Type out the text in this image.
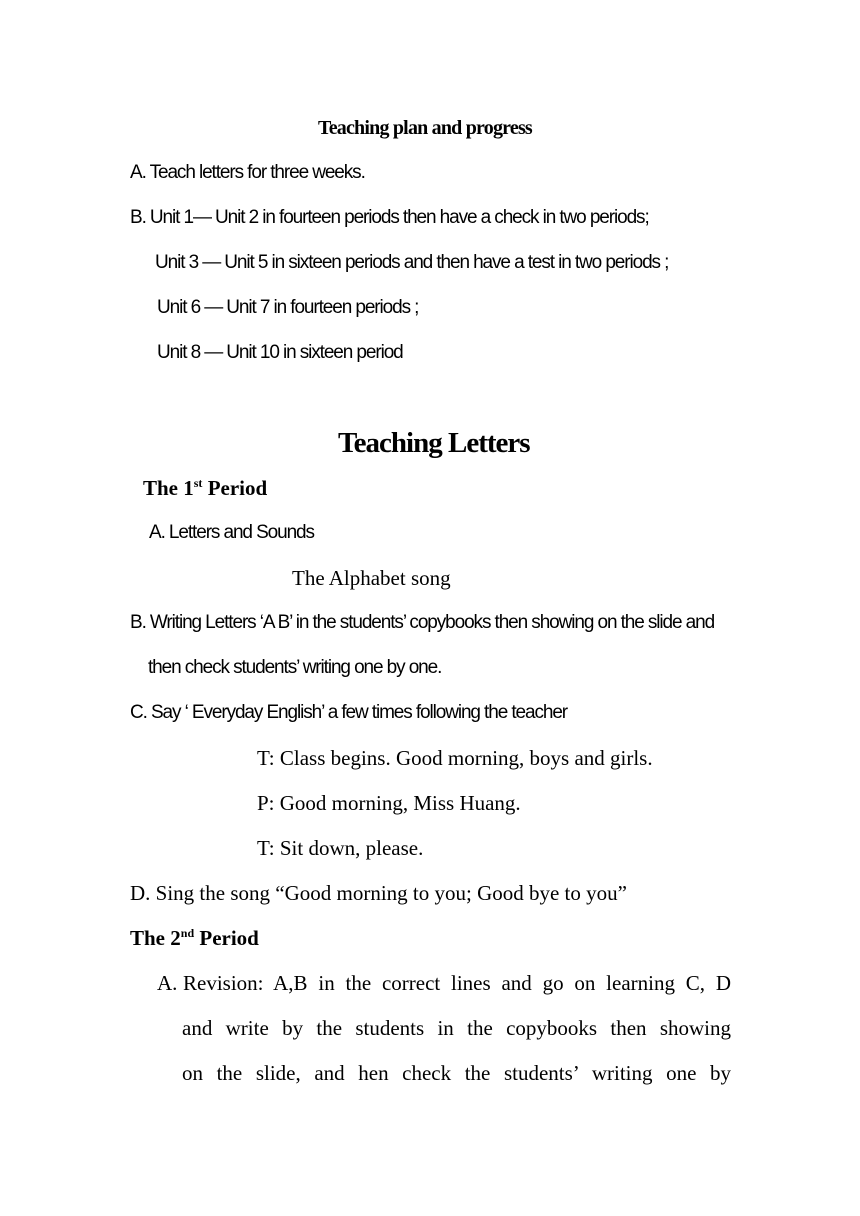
Teaching plan and progress
A. Teach letters for three weeks.
B. Unit 1— Unit 2 in fourteen periods then have a check in two periods;
Unit 3 — Unit 5 in sixteen periods and then have a test in two periods ;
Unit 6 — Unit 7 in fourteen periods ;
Unit 8 — Unit 10 in sixteen period
Teaching Letters
The 1st Period
A. Letters and Sounds
The Alphabet song
B. Writing Letters ‘A B’ in the students’ copybooks then showing on the slide and
then check students’ writing one by one.
C. Say ‘ Everyday English’ a few times following the teacher
T: Class begins. Good morning, boys and girls.
P: Good morning, Miss Huang.
T: Sit down, please.
D. Sing the song “Good morning to you; Good bye to you”
The 2nd Period
A. Revision: A,B in the correct lines and go on learning C, D
and write by the students in the copybooks then showing
on the slide, and hen check the students’ writing one by
